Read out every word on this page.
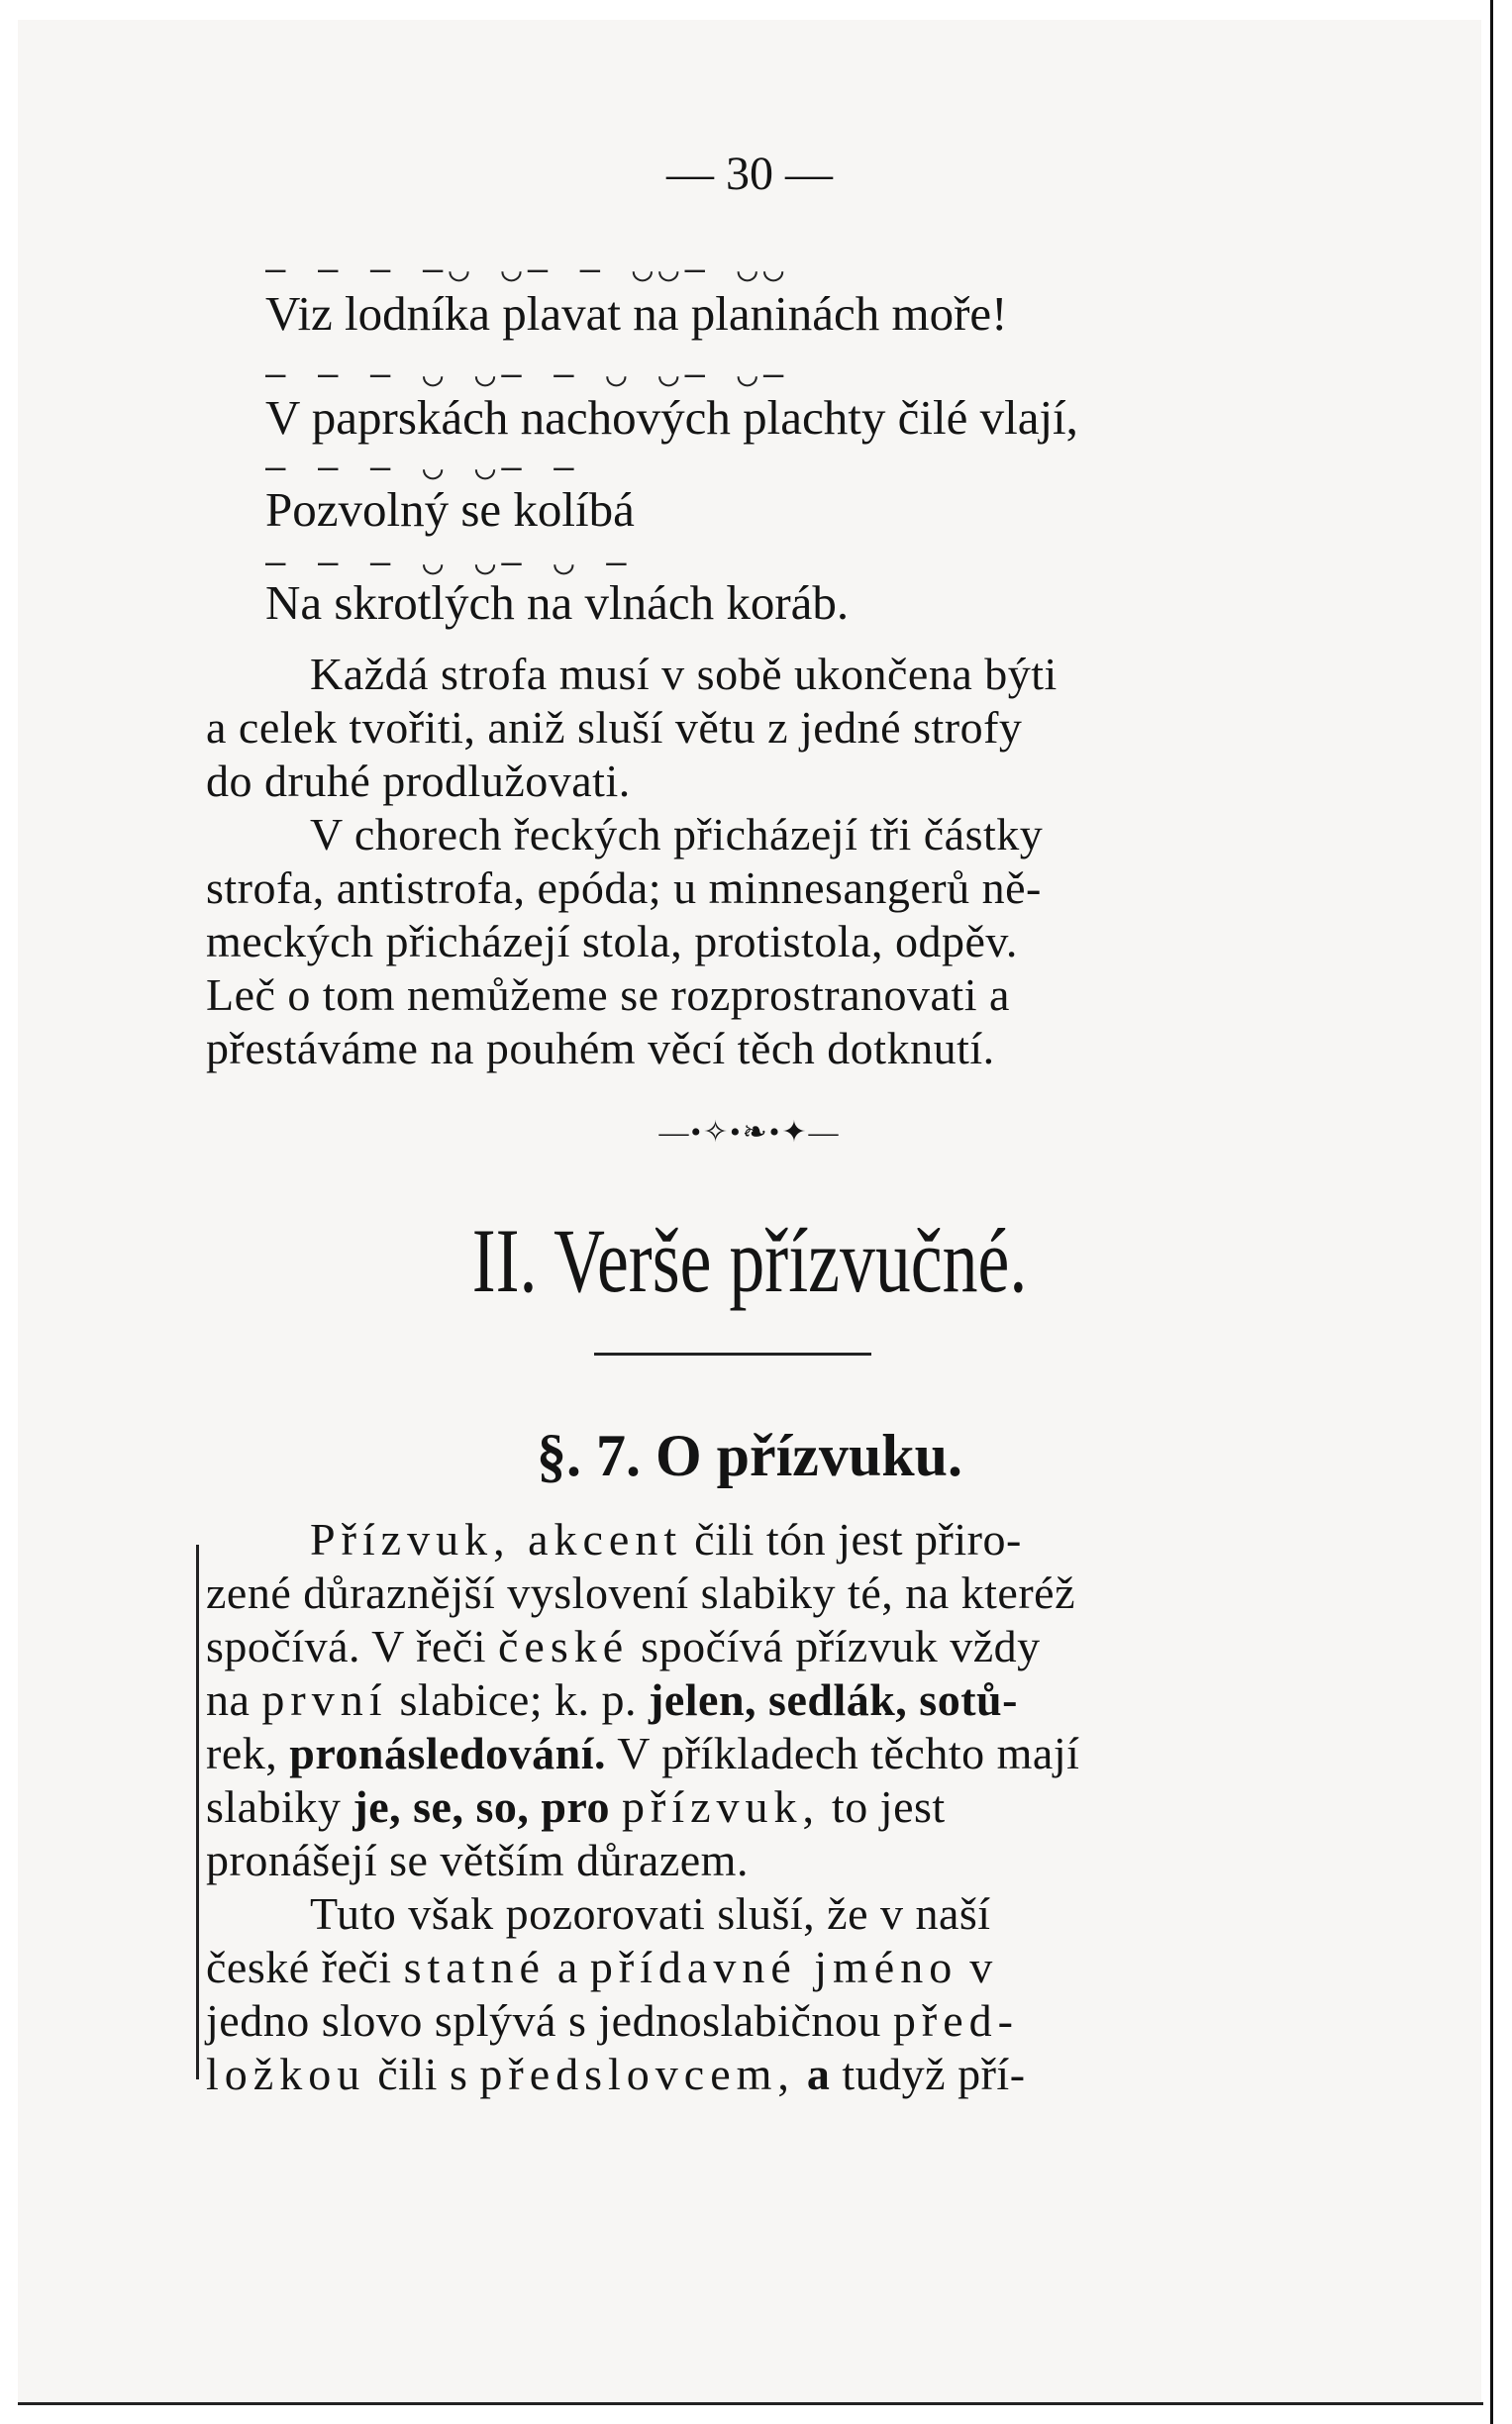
— 30 —
– – – –◡ ◡– – ◡◡– ◡◡
Viz lodníka plavat na planinách moře!
– – – ◡ ◡– – ◡ ◡– ◡–
V paprskách nachových plachty čilé vlají,
– – – ◡ ◡– –
Pozvolný se kolíbá
– – – ◡ ◡– ◡ –
Na skrotlých na vlnách koráb.
Každá strofa musí v sobě ukončena býti
a celek tvořiti, aniž sluší větu z jedné strofy
do druhé prodlužovati.
V chorech řeckých přicházejí tři částky
strofa, antistrofa, epóda; u minnesangerů ně-
meckých přicházejí stola, protistola, odpěv.
Leč o tom nemůžeme se rozprostranovati a
přestáváme na pouhém věcí těch dotknutí.
—•✧•❧•✦—
II. Verše přízvučné.
§. 7. O přízvuku.
Přízvuk, akcent čili tón jest přiro-
zené důraznější vyslovení slabiky té, na kteréž
spočívá. V řeči české spočívá přízvuk vždy
na první slabice; k. p. jelen, sedlák, sotů-
rek, pronásledování. V příkladech těchto mají
slabiky je, se, so, pro přízvuk, to jest
pronášejí se větším důrazem.
Tuto však pozorovati sluší, že v naší
české řeči statné a přídavné jméno v
jedno slovo splývá s jednoslabičnou před-
ložkou čili s předslovcem, a tudyž pří-
